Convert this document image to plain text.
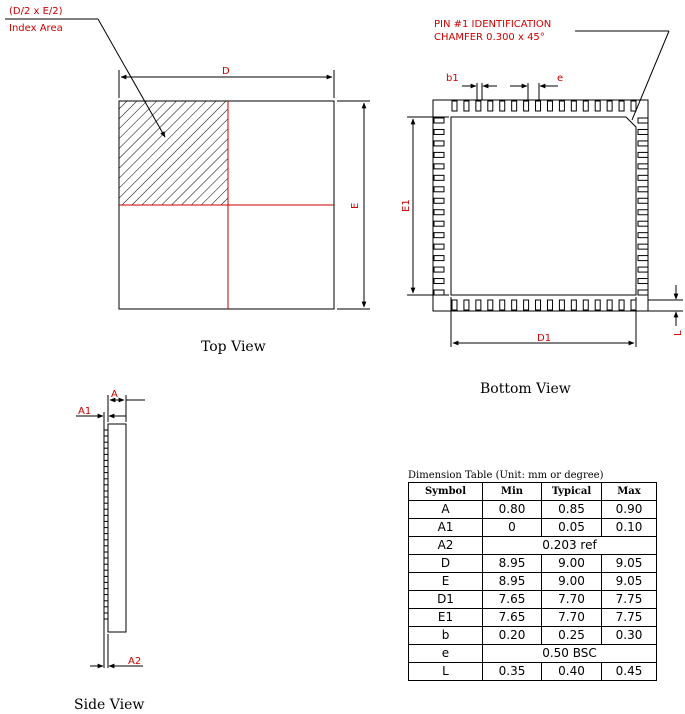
(D/2 x E/2)
Index Area
D
E
Top View
PIN #1 IDENTIFICATION
CHAMFER 0.300 x 45°
b1	e
D1
E1
L
Bottom View
A
A1
A2
Side View
Dimension Table (Unit: mm or degree)
Symbol	Min	Typical	Max
A	0.80	0.85	0.90
A1	0	0.05	0.10
A2	0.203 ref		
D	8.95	9.00	9.05
E	8.95	9.00	9.05
D1	7.65	7.70	7.75
E1	7.65	7.70	7.75
b	0.20	0.25	0.30
e	0.50 BSC		
L	0.35	0.40	0.45
